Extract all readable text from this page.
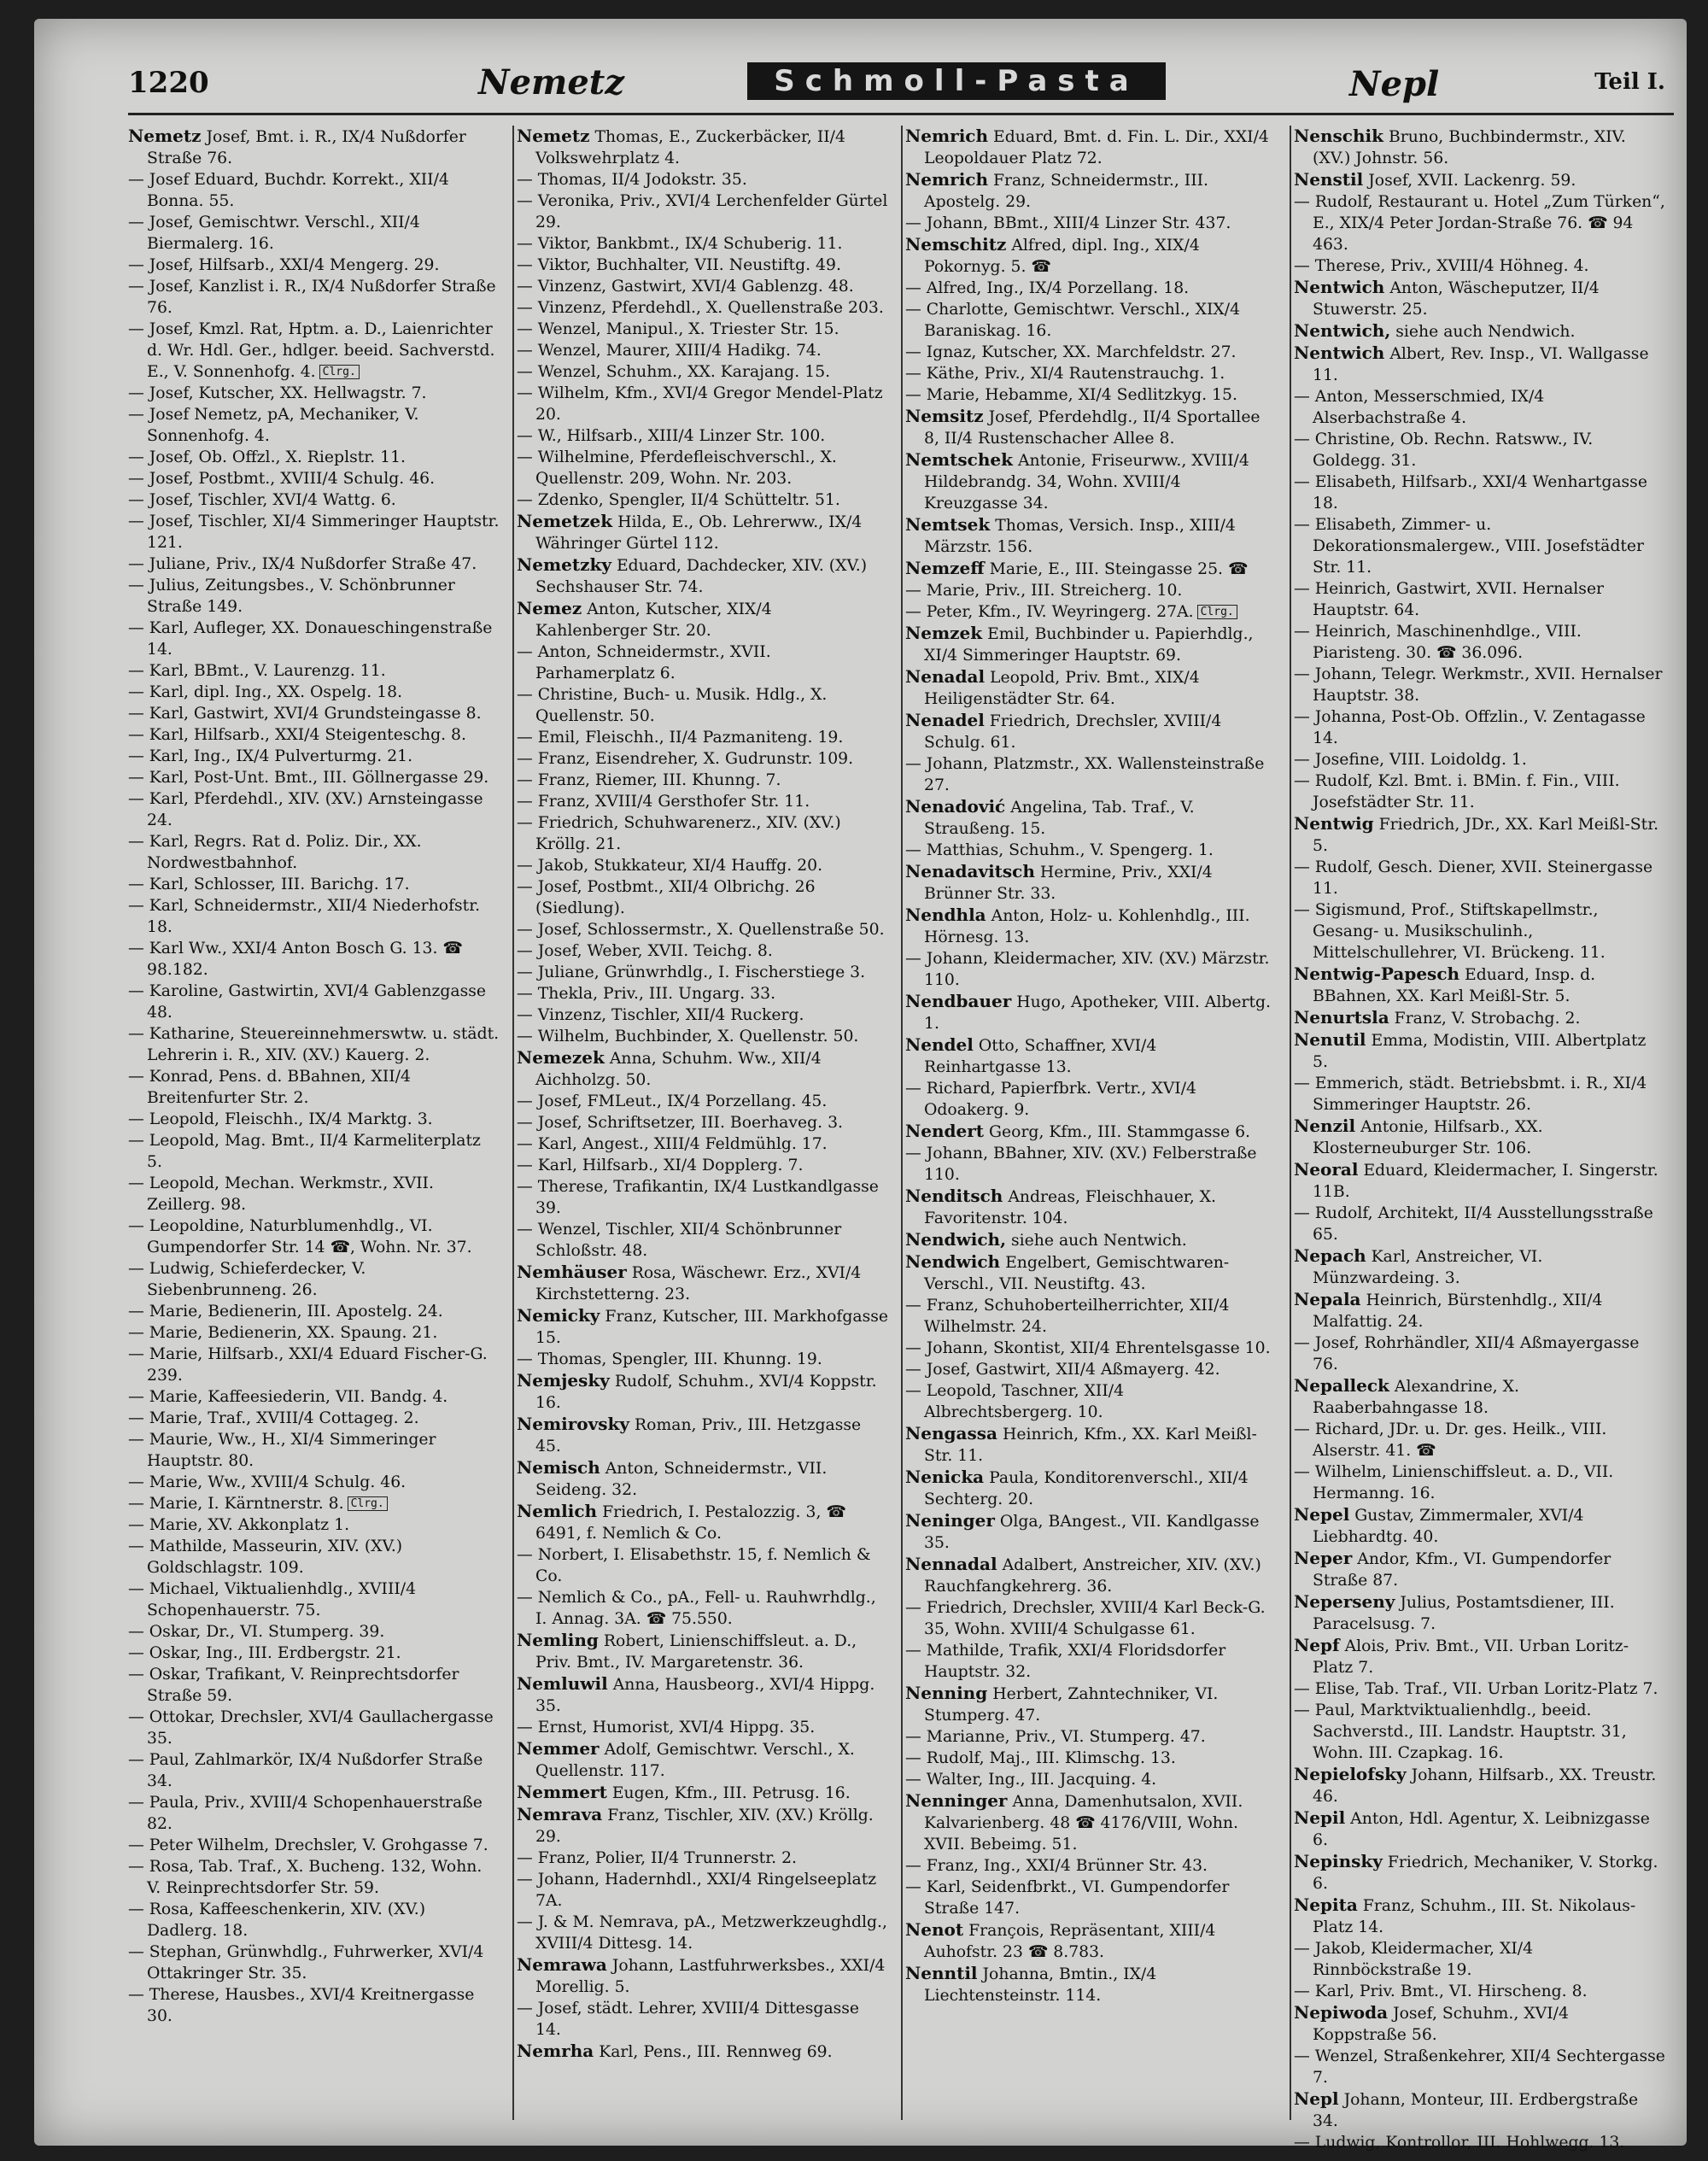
1220	Nemetz	Schmoll-Pasta	Nepl	Teil I.

Nemetz Josef, Bmt. i. R., IX/4 Nußdorfer Straße 76.

— Josef Eduard, Buchdr. Korrekt., XII/4 Bonna. 55.

— Josef, Gemischtwr. Verschl., XII/4 Biermalerg. 16.

— Josef, Hilfsarb., XXI/4 Mengerg. 29.

— Josef, Kanzlist i. R., IX/4 Nußdorfer Straße 76.

— Josef, Kmzl. Rat, Hptm. a. D., Laienrichter d. Wr. Hdl. Ger., hdlger. beeid. Sachverstd. E., V. Sonnenhofg. 4. Clrg.

— Josef, Kutscher, XX. Hellwagstr. 7.

— Josef Nemetz, pA, Mechaniker, V. Sonnenhofg. 4.

— Josef, Ob. Offzl., X. Rieplstr. 11.

— Josef, Postbmt., XVIII/4 Schulg. 46.

— Josef, Tischler, XVI/4 Wattg. 6.

— Josef, Tischler, XI/4 Simmeringer Hauptstr. 121.

— Juliane, Priv., IX/4 Nußdorfer Straße 47.

— Julius, Zeitungsbes., V. Schönbrunner Straße 149.

— Karl, Aufleger, XX. Donaueschingenstraße 14.

— Karl, BBmt., V. Laurenzg. 11.

— Karl, dipl. Ing., XX. Ospelg. 18.

— Karl, Gastwirt, XVI/4 Grundsteingasse 8.

— Karl, Hilfsarb., XXI/4 Steigenteschg. 8.

— Karl, Ing., IX/4 Pulverturmg. 21.

— Karl, Post-Unt. Bmt., III. Göllnergasse 29.

— Karl, Pferdehdl., XIV. (XV.) Arnsteingasse 24.

— Karl, Regrs. Rat d. Poliz. Dir., XX. Nordwestbahnhof.

— Karl, Schlosser, III. Barichg. 17.

— Karl, Schneidermstr., XII/4 Niederhofstr. 18.

— Karl Ww., XXI/4 Anton Bosch G. 13. ☎ 98.182.

— Karoline, Gastwirtin, XVI/4 Gablenzgasse 48.

— Katharine, Steuereinnehmerswtw. u. städt. Lehrerin i. R., XIV. (XV.) Kauerg. 2.

— Konrad, Pens. d. BBahnen, XII/4 Breitenfurter Str. 2.

— Leopold, Fleischh., IX/4 Marktg. 3.

— Leopold, Mag. Bmt., II/4 Karmeliterplatz 5.

— Leopold, Mechan. Werkmstr., XVII. Zeillerg. 98.

— Leopoldine, Naturblumenhdlg., VI. Gumpendorfer Str. 14 ☎, Wohn. Nr. 37.

— Ludwig, Schieferdecker, V. Siebenbrunneng. 26.

— Marie, Bedienerin, III. Apostelg. 24.

— Marie, Bedienerin, XX. Spaung. 21.

— Marie, Hilfsarb., XXI/4 Eduard Fischer-G. 239.

— Marie, Kaffeesiederin, VII. Bandg. 4.

— Marie, Traf., XVIII/4 Cottageg. 2.

— Maurie, Ww., H., XI/4 Simmeringer Hauptstr. 80.

— Marie, Ww., XVIII/4 Schulg. 46.

— Marie, I. Kärntnerstr. 8. Clrg.

— Marie, XV. Akkonplatz 1.

— Mathilde, Masseurin, XIV. (XV.) Goldschlagstr. 109.

— Michael, Viktualienhdlg., XVIII/4 Schopenhauerstr. 75.

— Oskar, Dr., VI. Stumperg. 39.

— Oskar, Ing., III. Erdbergstr. 21.

— Oskar, Trafikant, V. Reinprechtsdorfer Straße 59.

— Ottokar, Drechsler, XVI/4 Gaullachergasse 35.

— Paul, Zahlmarkör, IX/4 Nußdorfer Straße 34.

— Paula, Priv., XVIII/4 Schopenhauerstraße 82.

— Peter Wilhelm, Drechsler, V. Grohgasse 7.

— Rosa, Tab. Traf., X. Bucheng. 132, Wohn. V. Reinprechtsdorfer Str. 59.

— Rosa, Kaffeeschenkerin, XIV. (XV.) Dadlerg. 18.

— Stephan, Grünwhdlg., Fuhrwerker, XVI/4 Ottakringer Str. 35.

— Therese, Hausbes., XVI/4 Kreitnergasse 30.

Nemetz Thomas, E., Zuckerbäcker, II/4 Volkswehrplatz 4.

— Thomas, II/4 Jodokstr. 35.

— Veronika, Priv., XVI/4 Lerchenfelder Gürtel 29.

— Viktor, Bankbmt., IX/4 Schuberig. 11.

— Viktor, Buchhalter, VII. Neustiftg. 49.

— Vinzenz, Gastwirt, XVI/4 Gablenzg. 48.

— Vinzenz, Pferdehdl., X. Quellenstraße 203.

— Wenzel, Manipul., X. Triester Str. 15.

— Wenzel, Maurer, XIII/4 Hadikg. 74.

— Wenzel, Schuhm., XX. Karajang. 15.

— Wilhelm, Kfm., XVI/4 Gregor Mendel-Platz 20.

— W., Hilfsarb., XIII/4 Linzer Str. 100.

— Wilhelmine, Pferdefleischverschl., X. Quellenstr. 209, Wohn. Nr. 203.

— Zdenko, Spengler, II/4 Schütteltr. 51.

Nemetzek Hilda, E., Ob. Lehrerww., IX/4 Währinger Gürtel 112.

Nemetzky Eduard, Dachdecker, XIV. (XV.) Sechshauser Str. 74.

Nemez Anton, Kutscher, XIX/4 Kahlenberger Str. 20.

— Anton, Schneidermstr., XVII. Parhamerplatz 6.

— Christine, Buch- u. Musik. Hdlg., X. Quellenstr. 50.

— Emil, Fleischh., II/4 Pazmaniteng. 19.

— Franz, Eisendreher, X. Gudrunstr. 109.

— Franz, Riemer, III. Khunng. 7.

— Franz, XVIII/4 Gersthofer Str. 11.

— Friedrich, Schuhwarenerz., XIV. (XV.) Kröllg. 21.

— Jakob, Stukkateur, XI/4 Hauffg. 20.

— Josef, Postbmt., XII/4 Olbrichg. 26 (Siedlung).

— Josef, Schlossermstr., X. Quellenstraße 50.

— Josef, Weber, XVII. Teichg. 8.

— Juliane, Grünwrhdlg., I. Fischerstiege 3.

— Thekla, Priv., III. Ungarg. 33.

— Vinzenz, Tischler, XII/4 Ruckerg.

— Wilhelm, Buchbinder, X. Quellenstr. 50.

Nemezek Anna, Schuhm. Ww., XII/4 Aichholzg. 50.

— Josef, FMLeut., IX/4 Porzellang. 45.

— Josef, Schriftsetzer, III. Boerhaveg. 3.

— Karl, Angest., XIII/4 Feldmühlg. 17.

— Karl, Hilfsarb., XI/4 Dopplerg. 7.

— Therese, Trafikantin, IX/4 Lustkandlgasse 39.

— Wenzel, Tischler, XII/4 Schönbrunner Schloßstr. 48.

Nemhäuser Rosa, Wäschewr. Erz., XVI/4 Kirchstetterng. 23.

Nemicky Franz, Kutscher, III. Markhofgasse 15.

— Thomas, Spengler, III. Khunng. 19.

Nemjesky Rudolf, Schuhm., XVI/4 Koppstr. 16.

Nemirovsky Roman, Priv., III. Hetzgasse 45.

Nemisch Anton, Schneidermstr., VII. Seideng. 32.

Nemlich Friedrich, I. Pestalozzig. 3, ☎ 6491, f. Nemlich & Co.

— Norbert, I. Elisabethstr. 15, f. Nemlich & Co.

— Nemlich & Co., pA., Fell- u. Rauhwrhdlg., I. Annag. 3A. ☎ 75.550.

Nemling Robert, Linienschiffsleut. a. D., Priv. Bmt., IV. Margaretenstr. 36.

Nemluwil Anna, Hausbeorg., XVI/4 Hippg. 35.

— Ernst, Humorist, XVI/4 Hippg. 35.

Nemmer Adolf, Gemischtwr. Verschl., X. Quellenstr. 117.

Nemmert Eugen, Kfm., III. Petrusg. 16.

Nemrava Franz, Tischler, XIV. (XV.) Kröllg. 29.

— Franz, Polier, II/4 Trunnerstr. 2.

— Johann, Hadernhdl., XXI/4 Ringelseeplatz 7A.

— J. & M. Nemrava, pA., Metzwerkzeughdlg., XVIII/4 Dittesg. 14.

Nemrawa Johann, Lastfuhrwerksbes., XXI/4 Morellig. 5.

— Josef, städt. Lehrer, XVIII/4 Dittesgasse 14.

Nemrha Karl, Pens., III. Rennweg 69.

Nemrich Eduard, Bmt. d. Fin. L. Dir., XXI/4 Leopoldauer Platz 72.

Nemrich Franz, Schneidermstr., III. Apostelg. 29.

— Johann, BBmt., XIII/4 Linzer Str. 437.

Nemschitz Alfred, dipl. Ing., XIX/4 Pokornyg. 5. ☎

— Alfred, Ing., IX/4 Porzellang. 18.

— Charlotte, Gemischtwr. Verschl., XIX/4 Baraniskag. 16.

— Ignaz, Kutscher, XX. Marchfeldstr. 27.

— Käthe, Priv., XI/4 Rautenstrauchg. 1.

— Marie, Hebamme, XI/4 Sedlitzkyg. 15.

Nemsitz Josef, Pferdehdlg., II/4 Sportallee 8, II/4 Rustenschacher Allee 8.

Nemtschek Antonie, Friseurww., XVIII/4 Hildebrandg. 34, Wohn. XVIII/4 Kreuzgasse 34.

Nemtsek Thomas, Versich. Insp., XIII/4 Märzstr. 156.

Nemzeff Marie, E., III. Steingasse 25. ☎

— Marie, Priv., III. Streicherg. 10.

— Peter, Kfm., IV. Weyringerg. 27A. Clrg.

Nemzek Emil, Buchbinder u. Papierhdlg., XI/4 Simmeringer Hauptstr. 69.

Nenadal Leopold, Priv. Bmt., XIX/4 Heiligenstädter Str. 64.

Nenadel Friedrich, Drechsler, XVIII/4 Schulg. 61.

— Johann, Platzmstr., XX. Wallensteinstraße 27.

Nenadović Angelina, Tab. Traf., V. Straußeng. 15.

— Matthias, Schuhm., V. Spengerg. 1.

Nenadavitsch Hermine, Priv., XXI/4 Brünner Str. 33.

Nendhla Anton, Holz- u. Kohlenhdlg., III. Hörnesg. 13.

— Johann, Kleidermacher, XIV. (XV.) Märzstr. 110.

Nendbauer Hugo, Apotheker, VIII. Albertg. 1.

Nendel Otto, Schaffner, XVI/4 Reinhartgasse 13.

— Richard, Papierfbrk. Vertr., XVI/4 Odoakerg. 9.

Nendert Georg, Kfm., III. Stammgasse 6.

— Johann, BBahner, XIV. (XV.) Felberstraße 110.

Nenditsch Andreas, Fleischhauer, X. Favoritenstr. 104.

Nendwich, siehe auch Nentwich.

Nendwich Engelbert, Gemischtwaren-Verschl., VII. Neustiftg. 43.

— Franz, Schuhoberteilherrichter, XII/4 Wilhelmstr. 24.

— Johann, Skontist, XII/4 Ehrentelsgasse 10.

— Josef, Gastwirt, XII/4 Aßmayerg. 42.

— Leopold, Taschner, XII/4 Albrechtsbergerg. 10.

Nengassa Heinrich, Kfm., XX. Karl Meißl-Str. 11.

Nenicka Paula, Konditorenverschl., XII/4 Sechterg. 20.

Neninger Olga, BAngest., VII. Kandlgasse 35.

Nennadal Adalbert, Anstreicher, XIV. (XV.) Rauchfangkehrerg. 36.

— Friedrich, Drechsler, XVIII/4 Karl Beck-G. 35, Wohn. XVIII/4 Schulgasse 61.

— Mathilde, Trafik, XXI/4 Floridsdorfer Hauptstr. 32.

Nenning Herbert, Zahntechniker, VI. Stumperg. 47.

— Marianne, Priv., VI. Stumperg. 47.

— Rudolf, Maj., III. Klimschg. 13.

— Walter, Ing., III. Jacquing. 4.

Nenninger Anna, Damenhutsalon, XVII. Kalvarienberg. 48 ☎ 4176/VIII, Wohn. XVII. Bebeimg. 51.

— Franz, Ing., XXI/4 Brünner Str. 43.

— Karl, Seidenfbrkt., VI. Gumpendorfer Straße 147.

Nenot François, Repräsentant, XIII/4 Auhofstr. 23 ☎ 8.783.

Nenntil Johanna, Bmtin., IX/4 Liechtensteinstr. 114.

Nenschik Bruno, Buchbindermstr., XIV. (XV.) Johnstr. 56.

Nenstil Josef, XVII. Lackenrg. 59.

— Rudolf, Restaurant u. Hotel „Zum Türken“, E., XIX/4 Peter Jordan-Straße 76. ☎ 94 463.

— Therese, Priv., XVIII/4 Höhneg. 4.

Nentwich Anton, Wäscheputzer, II/4 Stuwerstr. 25.

Nentwich, siehe auch Nendwich.

Nentwich Albert, Rev. Insp., VI. Wallgasse 11.

— Anton, Messerschmied, IX/4 Alserbachstraße 4.

— Christine, Ob. Rechn. Ratsww., IV. Goldegg. 31.

— Elisabeth, Hilfsarb., XXI/4 Wenhartgasse 18.

— Elisabeth, Zimmer- u. Dekorationsmalergew., VIII. Josefstädter Str. 11.

— Heinrich, Gastwirt, XVII. Hernalser Hauptstr. 64.

— Heinrich, Maschinenhdlge., VIII. Piaristeng. 30. ☎ 36.096.

— Johann, Telegr. Werkmstr., XVII. Hernalser Hauptstr. 38.

— Johanna, Post-Ob. Offzlin., V. Zentagasse 14.

— Josefine, VIII. Loidoldg. 1.

— Rudolf, Kzl. Bmt. i. BMin. f. Fin., VIII. Josefstädter Str. 11.

Nentwig Friedrich, JDr., XX. Karl Meißl-Str. 5.

— Rudolf, Gesch. Diener, XVII. Steinergasse 11.

— Sigismund, Prof., Stiftskapellmstr., Gesang- u. Musikschulinh., Mittelschullehrer, VI. Brückeng. 11.

Nentwig-Papesch Eduard, Insp. d. BBahnen, XX. Karl Meißl-Str. 5.

Nenurtsla Franz, V. Strobachg. 2.

Nenutil Emma, Modistin, VIII. Albertplatz 5.

— Emmerich, städt. Betriebsbmt. i. R., XI/4 Simmeringer Hauptstr. 26.

Nenzil Antonie, Hilfsarb., XX. Klosterneuburger Str. 106.

Neoral Eduard, Kleidermacher, I. Singerstr. 11B.

— Rudolf, Architekt, II/4 Ausstellungsstraße 65.

Nepach Karl, Anstreicher, VI. Münzwardeing. 3.

Nepala Heinrich, Bürstenhdlg., XII/4 Malfattig. 24.

— Josef, Rohrhändler, XII/4 Aßmayergasse 76.

Nepalleck Alexandrine, X. Raaberbahngasse 18.

— Richard, JDr. u. Dr. ges. Heilk., VIII. Alserstr. 41. ☎

— Wilhelm, Linienschiffsleut. a. D., VII. Hermanng. 16.

Nepel Gustav, Zimmermaler, XVI/4 Liebhardtg. 40.

Neper Andor, Kfm., VI. Gumpendorfer Straße 87.

Neperseny Julius, Postamtsdiener, III. Paracelsusg. 7.

Nepf Alois, Priv. Bmt., VII. Urban Loritz-Platz 7.

— Elise, Tab. Traf., VII. Urban Loritz-Platz 7.

— Paul, Marktviktualienhdlg., beeid. Sachverstd., III. Landstr. Hauptstr. 31, Wohn. III. Czapkag. 16.

Nepielofsky Johann, Hilfsarb., XX. Treustr. 46.

Nepil Anton, Hdl. Agentur, X. Leibnizgasse 6.

Nepinsky Friedrich, Mechaniker, V. Storkg. 6.

Nepita Franz, Schuhm., III. St. Nikolaus-Platz 14.

— Jakob, Kleidermacher, XI/4 Rinnböckstraße 19.

— Karl, Priv. Bmt., VI. Hirscheng. 8.

Nepiwoda Josef, Schuhm., XVI/4 Koppstraße 56.

— Wenzel, Straßenkehrer, XII/4 Sechtergasse 7.

Nepl Johann, Monteur, III. Erdbergstraße 34.

— Ludwig, Kontrollor, III. Hohlwegg. 13.
